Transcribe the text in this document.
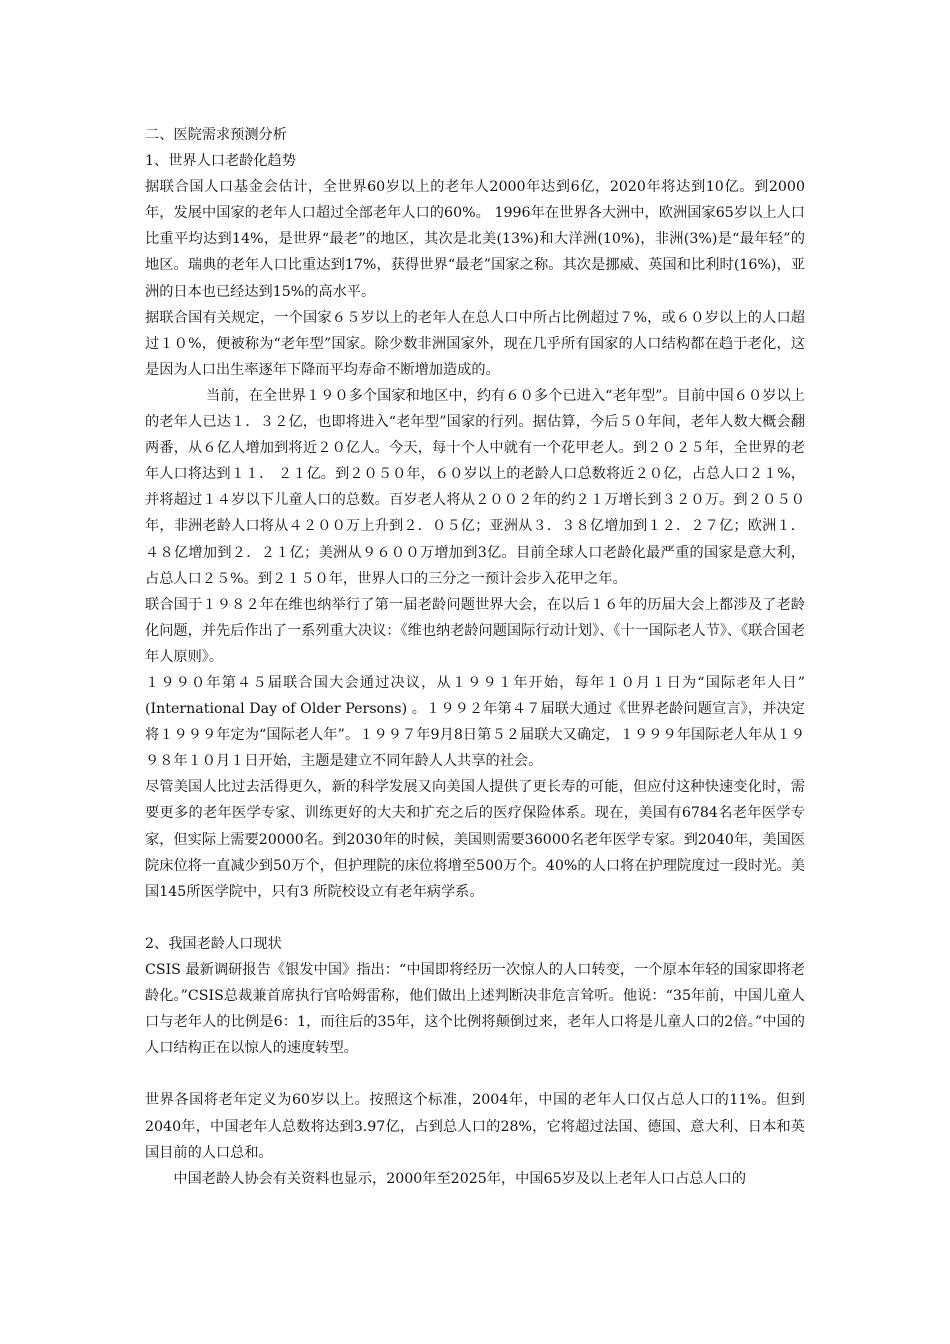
二、医院需求预测分析

1、世界人口老龄化趋势

据联合国人口基金会估计，全世界60岁以上的老年人2000年达到6亿，2020年将达到10亿。到2000年，发展中国家的老年人口超过全部老年人口的60%。 1996年在世界各大洲中，欧洲国家65岁以上人口比重平均达到14%，是世界“最老”的地区，其次是北美(13%)和大洋洲(10%)，非洲(3%)是“最年轻”的地区。瑞典的老年人口比重达到17%，获得世界“最老”国家之称。其次是挪威、英国和比利时(16%)，亚洲的日本也已经达到15%的高水平。

据联合国有关规定，一个国家６５岁以上的老年人在总人口中所占比例超过７%，或６０岁以上的人口超过１０%，便被称为“老年型”国家。除少数非洲国家外，现在几乎所有国家的人口结构都在趋于老化，这是因为人口出生率逐年下降而平均寿命不断增加造成的。

当前，在全世界１９０多个国家和地区中，约有６０多个已进入“老年型”。目前中国６０岁以上的老年人已达１．３２亿，也即将进入“老年型”国家的行列。据估算，今后５０年间，老年人数大概会翻两番，从６亿人增加到将近２０亿人。今天，每十个人中就有一个花甲老人。到２０２５年，全世界的老年人口将达到１１． ２１亿。到２０５０年，６０岁以上的老龄人口总数将近２０亿，占总人口２１%，并将超过１４岁以下儿童人口的总数。百岁老人将从２００２年的约２１万增长到３２０万。到２０５０年，非洲老龄人口将从４２００万上升到２．０５亿；亚洲从３．３８亿增加到１２．２７亿；欧洲１．４８亿增加到２．２１亿；美洲从９６００万增加到3亿。目前全球人口老龄化最严重的国家是意大利，占总人口２５%。到２１５０年，世界人口的三分之一预计会步入花甲之年。

联合国于１９８２年在维也纳举行了第一届老龄问题世界大会，在以后１６年的历届大会上都涉及了老龄化问题，并先后作出了一系列重大决议：《维也纳老龄问题国际行动计划》、《十一国际老人节》、《联合国老年人原则》。

１９９０年第４５届联合国大会通过决议，从１９９１年开始，每年１０月１日为“国际老年人日” (International Day of Older Persons) 。１９９２年第４７届联大通过《世界老龄问题宣言》，并决定将１９９９年定为“国际老人年”。１９９７年9月8日第５２届联大又确定，１９９９年国际老人年从１９９８年１０月１日开始，主题是建立不同年龄人人共享的社会。

尽管美国人比过去活得更久，新的科学发展又向美国人提供了更长寿的可能，但应付这种快速变化时，需要更多的老年医学专家、训练更好的大夫和扩充之后的医疗保险体系。现在，美国有6784名老年医学专家，但实际上需要20000名。到2030年的时候，美国则需要36000名老年医学专家。到2040年，美国医院床位将一直减少到50万个，但护理院的床位将增至500万个。40%的人口将在护理院度过一段时光。美国145所医学院中，只有3 所院校设立有老年病学系。

2、我国老龄人口现状

CSIS 最新调研报告《银发中国》指出：“中国即将经历一次惊人的人口转变，一个原本年轻的国家即将老龄化。”CSIS总裁兼首席执行官哈姆雷称，他们做出上述判断决非危言耸听。他说：“35年前，中国儿童人口与老年人的比例是6：1，而往后的35年，这个比例将颠倒过来，老年人口将是儿童人口的2倍。”中国的人口结构正在以惊人的速度转型。

世界各国将老年定义为60岁以上。按照这个标准，2004年，中国的老年人口仅占总人口的11%。但到2040年，中国老年人总数将达到3.97亿，占到总人口的28%，它将超过法国、德国、意大利、日本和英国目前的人口总和。

中国老龄人协会有关资料也显示，2000年至2025年，中国65岁及以上老年人口占总人口的
